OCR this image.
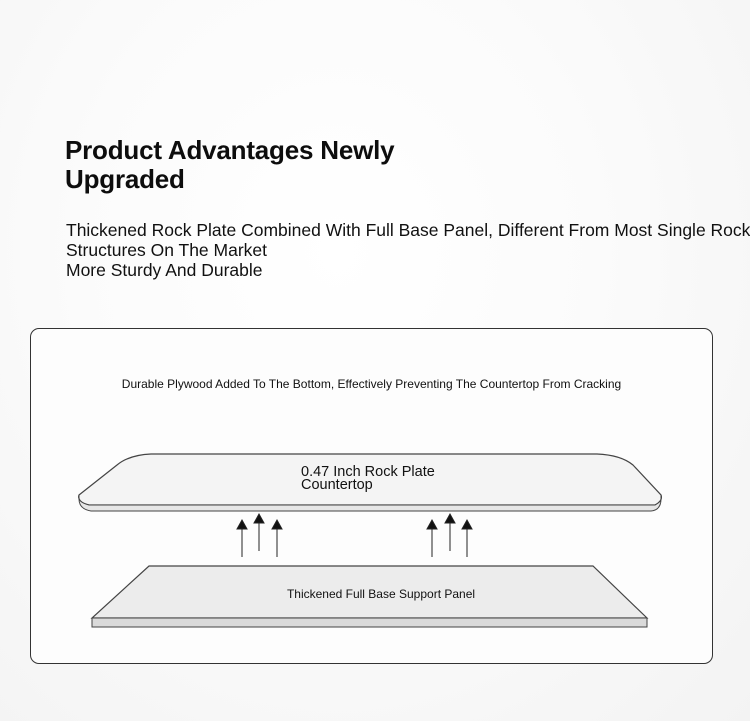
Product Advantages Newly
Upgraded
Thickened Rock Plate Combined With Full Base Panel, Different From Most Single Rock
Structures On The Market
More Sturdy And Durable
Durable Plywood Added To The Bottom, Effectively Preventing The Countertop From Cracking
0.47 Inch Rock Plate
Countertop
Thickened Full Base Support Panel
